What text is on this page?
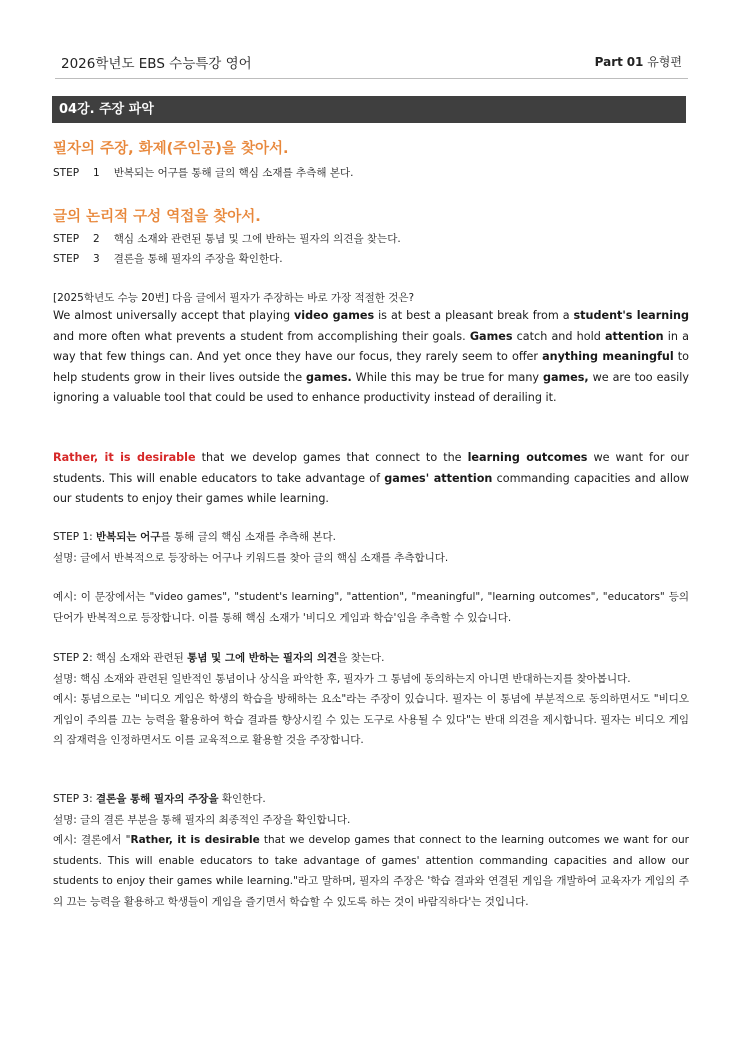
2026학년도 EBS 수능특강 영어	Part 01 유형편
04강. 주장 파악
필자의 주장, 화제(주인공)을 찾아서.
STEP 1 반복되는 어구를 통해 글의 핵심 소재를 추측해 본다.
글의 논리적 구성 역접을 찾아서.
STEP 2 핵심 소재와 관련된 통념 및 그에 반하는 필자의 의견을 찾는다.
STEP 3 결론을 통해 필자의 주장을 확인한다.
[2025학년도 수능 20번] 다음 글에서 필자가 주장하는 바로 가장 적절한 것은?
We almost universally accept that playing video games is at best a pleasant break from a student's learning and more often what prevents a student from accomplishing their goals. Games catch and hold attention in a way that few things can. And yet once they have our focus, they rarely seem to offer anything meaningful to help students grow in their lives outside the games. While this may be true for many games, we are too easily ignoring a valuable tool that could be used to enhance productivity instead of derailing it.
Rather, it is desirable that we develop games that connect to the learning outcomes we want for our students. This will enable educators to take advantage of games' attention commanding capacities and allow our students to enjoy their games while learning.
STEP 1: 반복되는 어구를 통해 글의 핵심 소재를 추측해 본다.
설명: 글에서 반복적으로 등장하는 어구나 키워드를 찾아 글의 핵심 소재를 추측합니다.
예시: 이 문장에서는 "video games", "student's learning", "attention", "meaningful", "learning outcomes", "educators" 등의 단어가 반복적으로 등장합니다. 이를 통해 핵심 소재가 '비디오 게임과 학습'임을 추측할 수 있습니다.
STEP 2: 핵심 소재와 관련된 통념 및 그에 반하는 필자의 의견을 찾는다.
설명: 핵심 소재와 관련된 일반적인 통념이나 상식을 파악한 후, 필자가 그 통념에 동의하는지 아니면 반대하는지를 찾아봅니다.
예시: 통념으로는 "비디오 게임은 학생의 학습을 방해하는 요소"라는 주장이 있습니다. 필자는 이 통념에 부분적으로 동의하면서도 "비디오 게임이 주의를 끄는 능력을 활용하여 학습 결과를 향상시킬 수 있는 도구로 사용될 수 있다"는 반대 의견을 제시합니다. 필자는 비디오 게임의 잠재력을 인정하면서도 이를 교육적으로 활용할 것을 주장합니다.
STEP 3: 결론을 통해 필자의 주장을 확인한다.
설명: 글의 결론 부분을 통해 필자의 최종적인 주장을 확인합니다.
예시: 결론에서 "Rather, it is desirable that we develop games that connect to the learning outcomes we want for our students. This will enable educators to take advantage of games' attention commanding capacities and allow our students to enjoy their games while learning."라고 말하며, 필자의 주장은 '학습 결과와 연결된 게임을 개발하여 교육자가 게임의 주의 끄는 능력을 활용하고 학생들이 게임을 즐기면서 학습할 수 있도록 하는 것이 바람직하다'는 것입니다.
